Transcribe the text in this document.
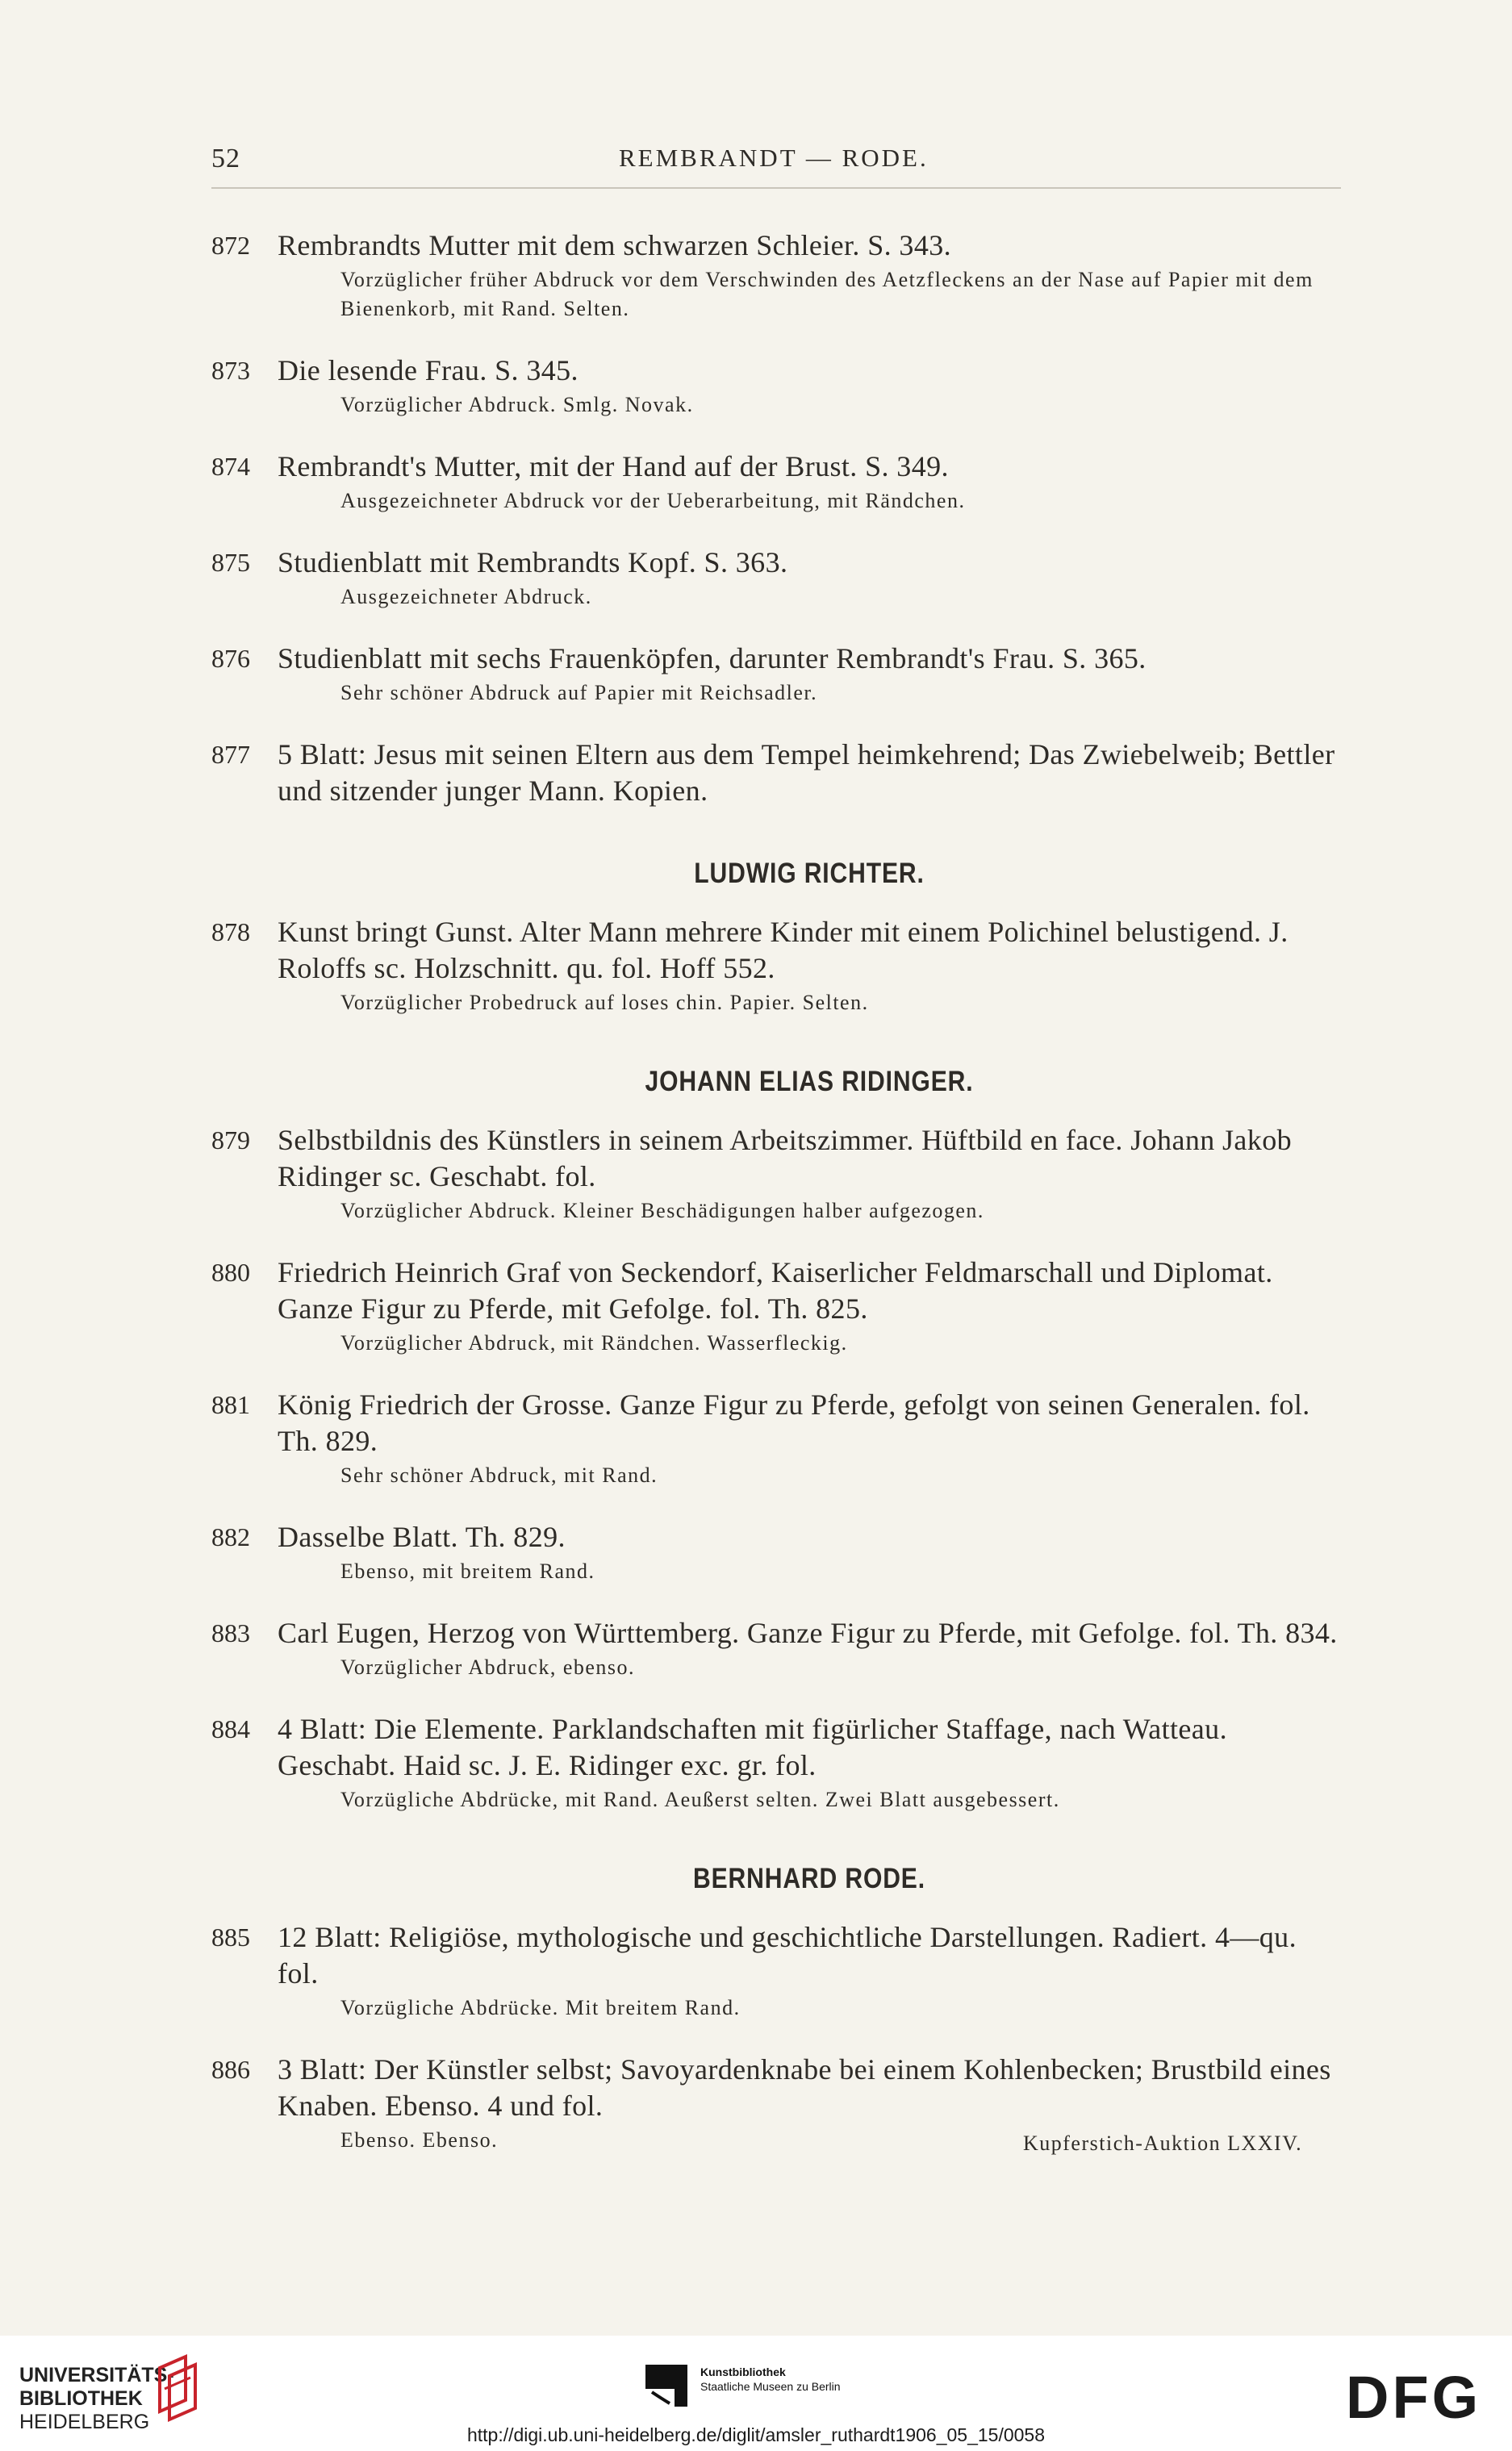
52	REMBRANDT — RODE.
872 Rembrandts Mutter mit dem schwarzen Schleier. S. 343.
Vorzüglicher früher Abdruck vor dem Verschwinden des Aetzfleckens an der Nase auf Papier mit dem Bienenkorb, mit Rand. Selten.
873 Die lesende Frau. S. 345.
Vorzüglicher Abdruck. Smlg. Novak.
874 Rembrandt's Mutter, mit der Hand auf der Brust. S. 349.
Ausgezeichneter Abdruck vor der Ueberarbeitung, mit Rändchen.
875 Studienblatt mit Rembrandts Kopf. S. 363.
Ausgezeichneter Abdruck.
876 Studienblatt mit sechs Frauenköpfen, darunter Rembrandt's Frau. S. 365.
Sehr schöner Abdruck auf Papier mit Reichsadler.
877 5 Blatt: Jesus mit seinen Eltern aus dem Tempel heimkehrend; Das Zwiebelweib; Bettler und sitzender junger Mann. Kopien.
LUDWIG RICHTER.
878 Kunst bringt Gunst. Alter Mann mehrere Kinder mit einem Polichinel belustigend. J. Roloffs sc. Holzschnitt. qu. fol. Hoff 552.
Vorzüglicher Probedruck auf loses chin. Papier. Selten.
JOHANN ELIAS RIDINGER.
879 Selbstbildnis des Künstlers in seinem Arbeitszimmer. Hüftbild en face. Johann Jakob Ridinger sc. Geschabt. fol.
Vorzüglicher Abdruck. Kleiner Beschädigungen halber aufgezogen.
880 Friedrich Heinrich Graf von Seckendorf, Kaiserlicher Feldmarschall und Diplomat. Ganze Figur zu Pferde, mit Gefolge. fol. Th. 825.
Vorzüglicher Abdruck, mit Rändchen. Wasserfleckig.
881 König Friedrich der Grosse. Ganze Figur zu Pferde, gefolgt von seinen Generalen. fol. Th. 829.
Sehr schöner Abdruck, mit Rand.
882 Dasselbe Blatt. Th. 829.
Ebenso, mit breitem Rand.
883 Carl Eugen, Herzog von Württemberg. Ganze Figur zu Pferde, mit Gefolge. fol. Th. 834.
Vorzüglicher Abdruck, ebenso.
884 4 Blatt: Die Elemente. Parklandschaften mit figürlicher Staffage, nach Watteau. Geschabt. Haid sc. J. E. Ridinger exc. gr. fol.
Vorzügliche Abdrücke, mit Rand. Aeußerst selten. Zwei Blatt ausgebessert.
BERNHARD RODE.
885 12 Blatt: Religiöse, mythologische und geschichtliche Darstellungen. Radiert. 4—qu. fol.
Vorzügliche Abdrücke. Mit breitem Rand.
886 3 Blatt: Der Künstler selbst; Savoyardenknabe bei einem Kohlenbecken; Brustbild eines Knaben. Ebenso. 4 und fol.
Ebenso. Ebenso.	Kupferstich-Auktion LXXIV.
UNIVERSITÄTS-
BIBLIOTHEK
HEIDELBERG
Kunstbibliothek
Staatliche Museen zu Berlin	DFG
http://digi.ub.uni-heidelberg.de/diglit/amsler_ruthardt1906_05_15/0058
